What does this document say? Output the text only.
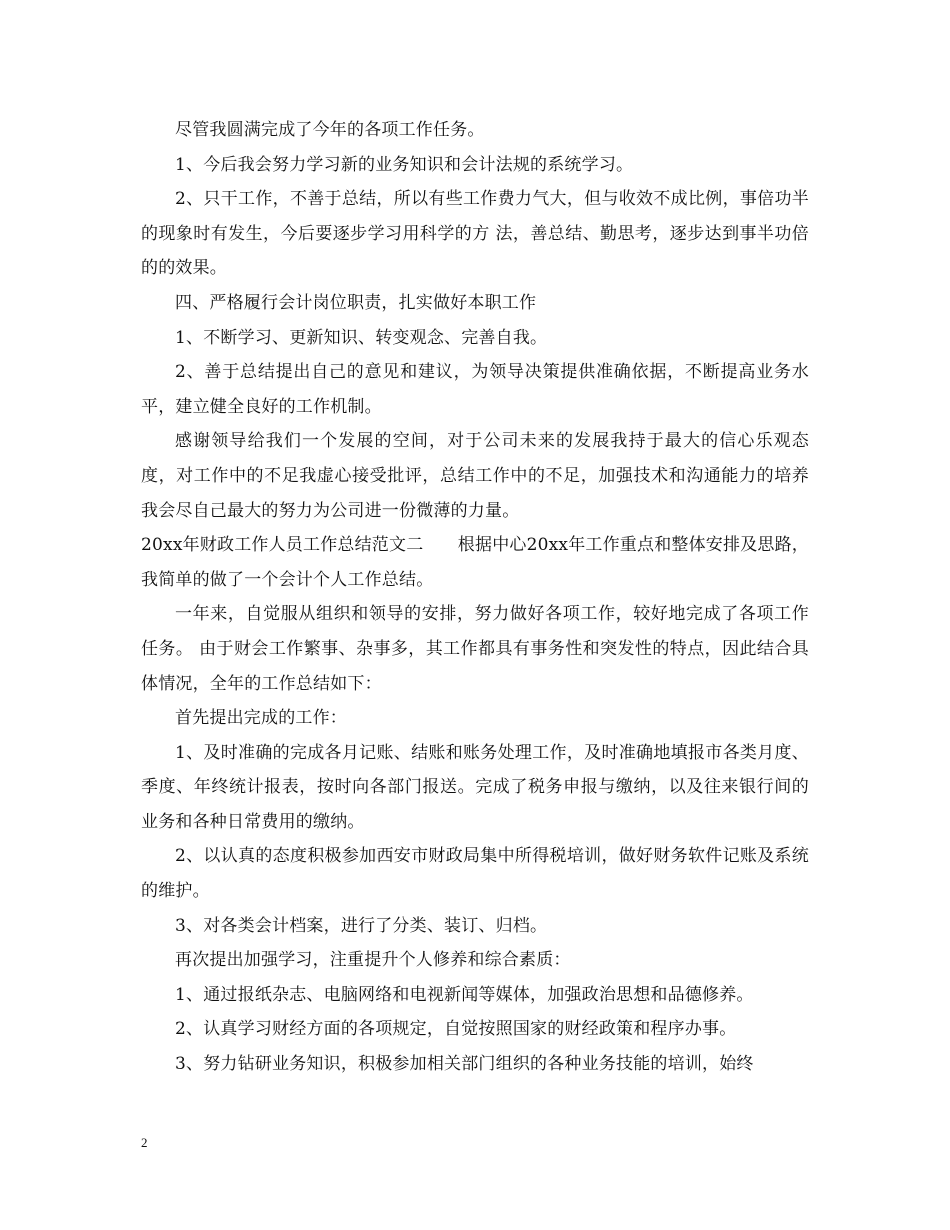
尽管我圆满完成了今年的各项工作任务。

1、今后我会努力学习新的业务知识和会计法规的系统学习。

2、只干工作，不善于总结，所以有些工作费力气大，但与收效不成比例，事倍功半的现象时有发生，今后要逐步学习用科学的方 法，善总结、勤思考，逐步达到事半功倍的的效果。

四、严格履行会计岗位职责，扎实做好本职工作

1、不断学习、更新知识、转变观念、完善自我。

2、善于总结提出自己的意见和建议，为领导决策提供准确依据，不断提高业务水平，建立健全良好的工作机制。

感谢领导给我们一个发展的空间，对于公司未来的发展我持于最大的信心乐观态度，对工作中的不足我虚心接受批评，总结工作中的不足，加强技术和沟通能力的培养我会尽自己最大的努力为公司进一份微薄的力量。

20xx年财政工作人员工作总结范文二　　根据中心20xx年工作重点和整体安排及思路，我简单的做了一个会计个人工作总结。

一年来，自觉服从组织和领导的安排，努力做好各项工作，较好地完成了各项工作任务。 由于财会工作繁事、杂事多，其工作都具有事务性和突发性的特点，因此结合具体情况，全年的工作总结如下：

首先提出完成的工作：

1、及时准确的完成各月记账、结账和账务处理工作，及时准确地填报市各类月度、季度、年终统计报表，按时向各部门报送。完成了税务申报与缴纳，以及往来银行间的业务和各种日常费用的缴纳。

2、以认真的态度积极参加西安市财政局集中所得税培训，做好财务软件记账及系统的维护。

3、对各类会计档案，进行了分类、装订、归档。

再次提出加强学习，注重提升个人修养和综合素质：

1、通过报纸杂志、电脑网络和电视新闻等媒体，加强政治思想和品德修养。

2、认真学习财经方面的各项规定，自觉按照国家的财经政策和程序办事。

3、努力钻研业务知识，积极参加相关部门组织的各种业务技能的培训，始终

2
